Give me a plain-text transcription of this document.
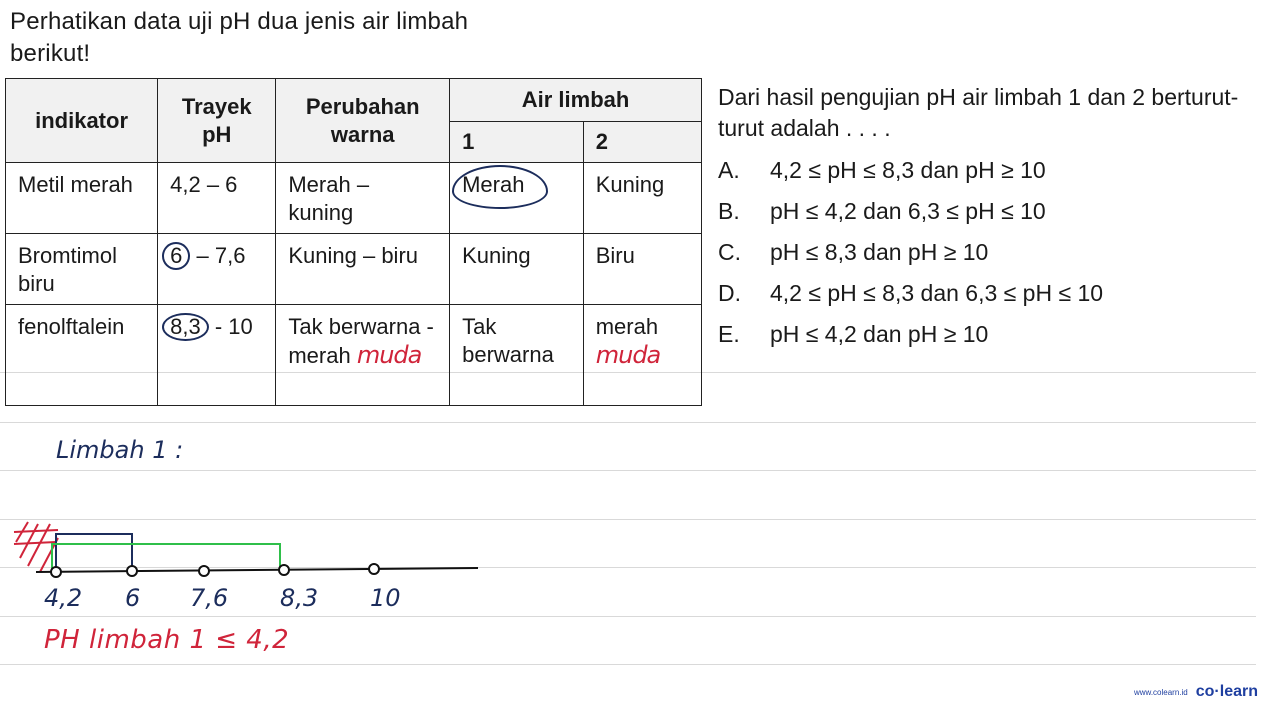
Perhatikan data uji pH dua jenis air limbah
berikut!
indikator	Trayek pH	Perubahan warna	Air limbah	
			1	2
Metil merah	4,2 – 6	Merah – kuning	Merah	Kuning
Bromtimol biru	6 – 7,6	Kuning – biru	Kuning	Biru
fenolftalein	8,3 - 10	Tak berwarna - merah muda	Tak berwarna	merah
muda
Dari hasil pengujian pH air limbah 1 dan 2 berturut-turut adalah . . . .
A.	4,2 ≤ pH ≤ 8,3 dan pH ≥ 10
B.	pH ≤ 4,2 dan 6,3 ≤ pH ≤ 10
C.	pH ≤ 8,3 dan pH ≥ 10
D.	4,2 ≤ pH ≤ 8,3 dan 6,3 ≤ pH ≤ 10
E.	pH ≤ 4,2 dan pH ≥ 10
Limbah 1 :
4,2 6 7,6 8,3 10
PH limbah 1 ≤ 4,2
www.colearn.id co·learn
